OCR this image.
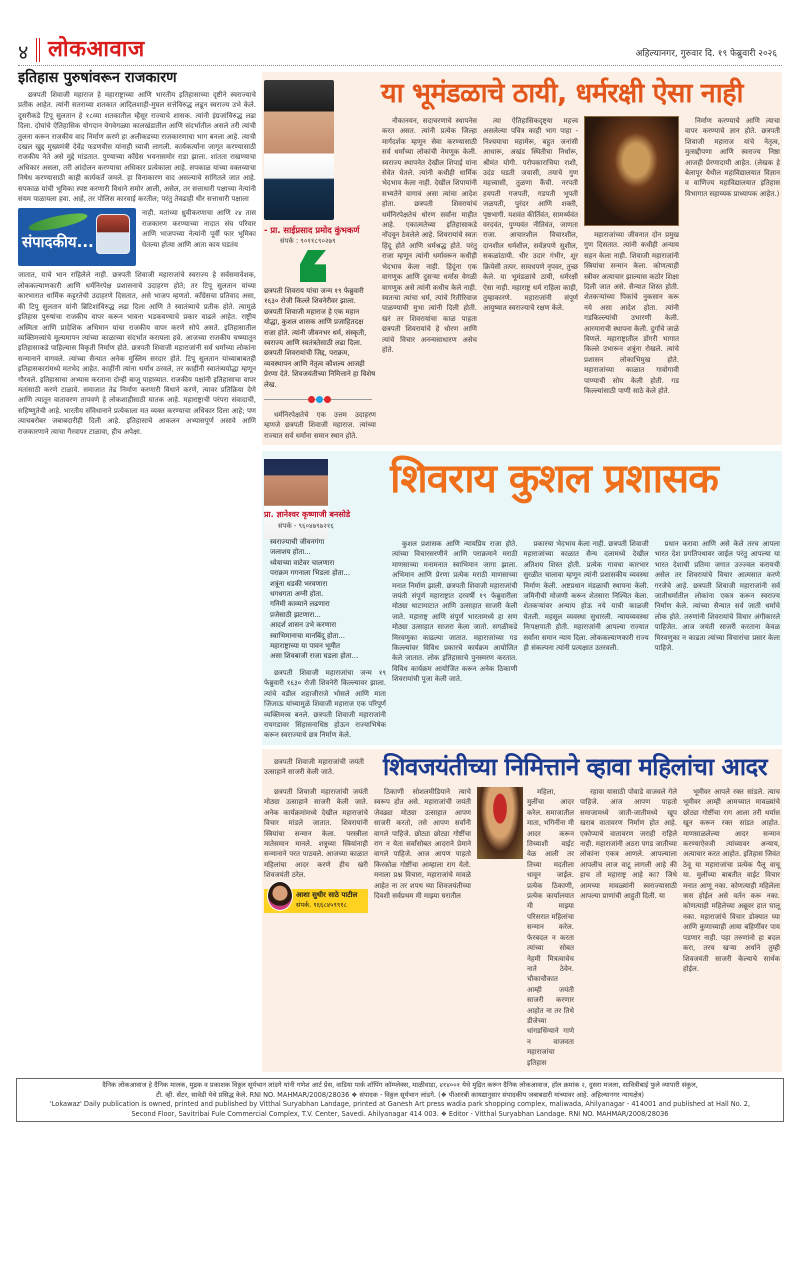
४ लोकआवाज	अहिल्यानगर, गुरुवार दि. १९ फेब्रुवारी २०२६
इतिहास पुरुषांवरून राजकारण

छत्रपती शिवाजी महाराज हे महाराष्ट्राच्या आणि भारतीय इतिहासाच्या दृष्टीने स्वराज्याचे प्रतीक आहेत. त्यांनी सतराव्या शतकात आदिलशाही-मुघल सत्तेविरुद्ध लढून स्वराज्य उभे केले. दुसरीकडे टिपू सुलतान हे १८व्या शतकातील म्हैसूर राज्याचे शासक. त्यांनी इंग्रजांविरुद्ध लढा दिला. दोघांचे ऐतिहासिक योगदान वेगवेगळ्या कालखंडातील आणि संदर्भातील असले तरी त्यांची तुलना करून राजकीय वाद निर्माण करणे हा अलीकडच्या राजकारणाचा भाग बनला आहे. त्याची दखल खुद्द मुख्यमंत्री देवेंद्र फडणवीस यांनाही घ्यावी लागली. कार्यकर्त्यांना जागृत करण्यासाठी राजकीय नेते असे मुद्दे मांडतात. पुण्याच्या काँग्रेस भवनासमोर राडा झाला. शांतता राखण्याचा अधिकार असला, तरी आंदोलन करण्याचा अधिकार प्रत्येकाला आहे. सपकाळ यांच्या वक्तव्याचा निषेध करण्यासाठी काही कार्यकर्ते जमले. हा विनाकारण वाद असल्याचे सांगितले जात आहे. सपकाळ यांची भूमिका स्पष्ट करणारी विधाने समोर आली, असेल, तर सत्ताधारी पक्षाच्या नेत्यांनी संयम पाळायला हवा. आहे, तर पोलिस कारवाई करतील; परंतु तेवढाही धीर सत्ताधारी पक्षाला

संपादकीय...

नाही. मतांच्या ध्रुवीकरणाचा आणि २४ तास राजकारण करण्याच्या नादात संघ परिवार आणि भाजपच्या नेत्यांनी पूर्वी फार भूमिका घेतल्या होत्या आणि आता काय घडतंय

जातात, याचे भान राहिलेले नाही. छत्रपती शिवाजी महाराजांचे स्वराज्य हे सर्वसमावेशक, लोककल्याणकारी आणि धर्मनिरपेक्ष प्रशासनाचे उदाहरण होते; तर टिपू सुलतान यांच्या कारभारात धार्मिक कट्टरतेची उदाहरणे दिसतात, असे भाजप म्हणतो. काँग्रेसचा प्रतिवाद असा, की टिपू सुलतान यांनी ब्रिटिशांविरुद्ध लढा दिला आणि ते स्वातंत्र्याचे प्रतीक होते. त्यामुळे इतिहास पुरुषांचा राजकीय वापर करून भावना भडकवण्याचे प्रकार वाढले आहेत. राष्ट्रीय अस्मिता आणि प्रादेशिक अभिमान यांचा राजकीय वापर करणे सोपे असते. इतिहासातील व्यक्तिमत्त्वांचे मूल्यमापन त्यांच्या काळाच्या संदर्भात करायला हवे. आजच्या राजकीय चष्म्यातून इतिहासाकडे पाहिल्यास विकृती निर्माण होते. छत्रपती शिवाजी महाराजांनी सर्व धर्मांच्या लोकांना सन्मानाने वागवले. त्यांच्या सैन्यात अनेक मुस्लिम सरदार होते. टिपू सुलतान यांच्याबाबतही इतिहासकारांमध्ये मतभेद आहेत. काहींनी त्यांना धर्मांध ठरवले, तर काहींनी स्वातंत्र्ययोद्धा म्हणून गौरवले. इतिहासाचा अभ्यास करताना दोन्ही बाजू पाहाव्यात. राजकीय पक्षांनी इतिहासाचा वापर मतांसाठी करणे टाळावे. समाजात तेढ निर्माण करणारी विधाने करणे, त्यावर प्रतिक्रिया देणे आणि त्यातून वातावरण तापवणे हे लोकशाहीसाठी घातक आहे. महाराष्ट्राची परंपरा संवादाची, सहिष्णुतेची आहे. भारतीय संविधानाने प्रत्येकाला मत व्यक्त करण्याचा अधिकार दिला आहे; पण त्याचबरोबर जबाबदारीही दिली आहे. इतिहासाचे आकलन अभ्यासपूर्ण असावे आणि राजकारणाने त्याचा गैरवापर टाळावा, हीच अपेक्षा.

या भूमंडळाचे ठायी, धर्मरक्षी ऐसा नाही
- प्रा. साईप्रसाद प्रमोद कुंभकर्ण
संपर्क : ९०११८९०२७९
छत्रपती शिवराय यांचा जन्म १९ फेब्रुवारी १६३० रोजी किल्ले शिवनेरीवर झाला. छत्रपती शिवाजी महाराज हे एक महान योद्धा, कुशल शासक आणि प्रजाहितदक्ष राजा होते. त्यांनी जीवनभर धर्म, संस्कृती, स्वराज्य आणि स्वतंत्रतेसाठी लढा दिला. छत्रपती शिवरायांची जिद्द, पराक्रम, व्यवस्थापन आणि नेतृत्व कौशल्य आजही प्रेरणा देते. शिवजयंतीच्या निमित्ताने हा विशेष लेख.

धर्मनिरपेक्षतेचे एक उत्तम उदाहरण म्हणजे छत्रपती शिवाजी महाराज. त्यांच्या राज्यात सर्व धर्मांना समान स्थान होते.

नौकानयन, सदाचरणाचे स्थापनेस करत असत. त्यांनी प्रत्येक जिल्हा मार्गदर्शक म्हणून सेवा करण्यासाठी सर्व धर्मांच्या लोकांची नेमणूक केली. स्वराज्य स्थापनेत देखील शिपाई यांना सेवेत घेतले. त्यांनी कधीही धार्मिक भेदभाव केला नाही. देखील शिपायांनी सभ्यतेने वागावं असा त्यांचा आदेश होता. छत्रपती शिवरायांचं धर्मनिरपेक्षतेचं धोरण सर्वांना माहीत आहे. एकात्मतेच्या इतिहासाकडे नोंदवून ठेवलेले आहे. शिवरायांचे स्वतः हिंदू होते आणि धर्मश्रद्ध होते. परंतु राजा म्हणून त्यांनी धर्मावरून कधीही भेदभाव केला नाही. हिंदूंना एक वागणूक आणि दुसऱ्या धर्मास वेगळी वागणूक असे त्यांनी कधीच केले नाही. स्वतःचा त्यांचा धर्म, त्यांचे रितीरिवाज पाळण्याची मुभा त्यांनी दिली होती. खरं तर शिवरायांचा काळ पाहता छत्रपती शिवरायांचे हे धोरण आणि त्यांचे विचार अनन्यसाधारण असेच होते.

त्या ऐतिहासिकदृष्ट्या महत्त्व असलेल्या पवित्र काही भाग पाहा - निश्चयाचा महामेरू, बहुत जनांसी आधारू, अखंड स्थितीचा निर्धारू, श्रीमंत योगी. परोपकाराचिया राशी, उदंड घडती जयासी, तयाचे गुण महत्त्वासी, तुळणा कैंची. नरपती हयपती गजपती, गडपती भूपती जळपती, पुरंदर आणि शक्ती, पृष्ठभागी. यशवंत कीर्तिवंत, सामर्थ्यवंत वरदवंत, पुण्यवंत नीतिवंत, जाणता राजा. आचारशील विचारशील, दानशील धर्मशील, सर्वज्ञपणे सुशील, सकळांठायी. धीर उदार गंभीर, शूर क्रियेसी तत्पर. सावधपणे नृपवर, तुच्छ केले. या भूमंडळाचे ठायी, धर्मरक्षी ऐसा नाही. महाराष्ट्र धर्म राहिला काही, तुम्हाकारणे. महाराजांनी संपूर्ण आयुष्यात स्वराज्याचे रक्षण केले.

महाराजांच्या जीवनात दोन प्रमुख गुण दिसतात. त्यांनी कधीही अन्याय सहन केला नाही. शिवाजी महाराजांनी स्त्रियांचा सन्मान केला. कोणत्याही स्त्रीवर अत्याचार झाल्यास कठोर शिक्षा दिली जात असे. सैन्यात शिस्त होती. शेतकऱ्यांच्या पिकांचे नुकसान करू नये असा आदेश होता. त्यांनी गडकिल्ल्यांची उभारणी केली. आरमाराची स्थापना केली. दुर्गांचे जाळे विणले. महाराष्ट्रातील डोंगरी भागात किल्ले उभारून शत्रूंना रोखले. त्यांचे प्रशासन लोकाभिमुख होते. महाराजांच्या काळात गावोगावी पाण्याची सोय केली होती. गड किल्ल्यांसाठी पाणी साठे केले होते.

निर्माण करण्याचे आणि त्याचा वापर करण्याचे ज्ञान होते. छत्रपती शिवाजी महाराज यांचे नेतृत्व, मुत्सद्दीपणा आणि स्वराज्य निष्ठा आजही प्रेरणादायी आहेत. (लेखक हे बेलापूर येथील महाविद्यालयात विज्ञान व वाणिज्य महाविद्यालयात इतिहास विभागात सहाय्यक प्राध्यापक आहेत.)

शिवराय कुशल प्रशासक
प्रा. ज्ञानेश्वर कृष्णाजी बनसोडे
संपर्क - ९६०४७९७२१६
स्वराज्याची जीवनगंगा
जलाशय होता...
ध्येयाच्या वाटेवर चालणारा
पराक्रम गगनाला भिडला होता...
शत्रूंना धडकी भरवणारा
धगधगता अग्नी होता.
गनिमी काव्याने लढणारा
प्रजेसाठी झटणारा...
आदर्श शासन उभे करणारा
स्वाभिमानाचा मानबिंदू होता...
महाराष्ट्राच्या या पावन भूमीत
असा शिवबाजी राजा घडला होता...

छत्रपती शिवाजी महाराजांचा जन्म १९ फेब्रुवारी १६३० रोजी शिवनेरी किल्ल्यावर झाला. त्यांचे वडील शहाजीराजे भोसले आणि माता जिजाऊ यांच्यामुळे शिवाजी महाराज एक परिपूर्ण व्यक्तिमत्त्व बनले. छत्रपती शिवाजी महाराजांनी रायगडावर सिंहासनाधिष्ठ होऊन राज्याभिषेक करून स्वराज्याचे छत्र निर्माण केले.

कुशल प्रशासक आणि न्यायप्रिय राजा होते. त्यांच्या विचारसरणीने आणि पराक्रमाने मराठी माणसाच्या मनामनात स्वाभिमान जागा झाला. अभिमान आणि प्रेरणा प्रत्येक मराठी माणसाच्या मनात निर्माण झाली. छत्रपती शिवाजी महाराजांची जयंती संपूर्ण महाराष्ट्रात दरवर्षी १९ फेब्रुवारीला मोठ्या थाटामाटात आणि उत्साहात साजरी केली जाते. महाराष्ट्र आणि संपूर्ण भारतामध्ये हा सण मोठ्या उत्साहात साजरा केला जातो. सगळीकडे मिरवणुका काढल्या जातात. महाराजांच्या गड किल्ल्यांवर विविध प्रकारचे कार्यक्रम आयोजित केले जातात. लोक इतिहासाचे पुनस्मरण करतात. विविध कार्यक्रम आयोजित करून अनेक ठिकाणी शिवरायांची पूजा केली जाते.

प्रकारचा भेदभाव केला नाही. छत्रपती शिवाजी महाराजांच्या काळात सैन्य दलामध्ये देखील अतिशय शिस्त होती. प्रत्येक गावचा कारभार सुरळीत चालावा म्हणून त्यांनी प्रशासकीय व्यवस्था निर्माण केली. अष्टप्रधान मंडळाची स्थापना केली. जमिनीची मोजणी करून शेतसारा निश्चित केला. शेतकऱ्यांवर अन्याय होऊ नये याची काळजी घेतली. महसूल व्यवस्था सुधारली. न्यायव्यवस्था निःपक्षपाती होती. महाराजांनी आपल्या राज्यात सर्वांना समान न्याय दिला. लोककल्याणकारी राज्य ही संकल्पना त्यांनी प्रत्यक्षात उतरवली.

प्रधान करावा आणि असे केले तरच आपला भारत देश प्रगतिपथावर जाईल परंतु आपल्या या भारत देशाची प्रतिमा जगात उज्ज्वल करायची असेल तर शिवरायांचे विचार आत्मसात करणे गरजेचे आहे. छत्रपती शिवाजी महाराजांनी सर्व जातीधर्मातील लोकांना एकत्र करून स्वराज्य निर्माण केले. त्यांच्या सैन्यात सर्व जाती धर्माचे लोक होते. तरुणांनी शिवरायांचे विचार अंगीकारले पाहिजेत. आज जयंती साजरी करताना केवळ मिरवणुका न काढता त्यांच्या विचारांचा प्रसार केला पाहिजे.

छत्रपती शिवाजी महाराजांची जयंती उत्साहाने साजरी केली जाते.	शिवजयंतीच्या निमित्ताने व्हावा महिलांचा आदर

छत्रपती शिवाजी महाराजांची जयंती मोठ्या उत्साहाने साजरी केली जाते. अनेक कार्यक्रमांमध्ये देखील महाराजांचे विचार मांडले जातात. शिवरायांनी स्त्रियांचा सन्मान केला. परस्त्रीला मातेसमान मानले. शत्रूच्या स्त्रियांनाही सन्मानाने परत पाठवले. आजच्या काळात महिलांचा आदर करणे हीच खरी शिवजयंती ठरेल.

आशा सुधीर साठे पाटील
संपर्क. ९६६८४५९९१८

ठिकाणी सोशलमीडियाने त्याचे स्वरूप होत असे. महाराजांची जयंती जेवढ्या मोठ्या उत्साहात आपण साजरी करतो, तसे आपण सर्वांनी वागले पाहिजे. छोट्या छोट्या गोष्टींचा राग न येता सर्वांसोबत आदराने प्रेमाने वागले पाहिजे. आज आपण पाहतो किरकोळ गोष्टींचा आम्हाला राग येतो. मनाला प्रश्न विचारा, महाराजांचे मावळे आहेत ना तर शपथ घ्या शिवजयंतीच्या दिवशी सर्वप्रथम मी माझ्या घरातील

महिला, मुलींचा आदर करेल. समाजातील माता, भगिनींना मी आदर करून तिच्याशी वाईट वेळ आली तर तिच्या मदतीला धावून जाईल. प्रत्येक ठिकाणी, प्रत्येक कार्यालयात मी माझ्या परिसरात महिलांचा सन्मान करेल. फेरबदल न करता त्यांच्या सोबत नेहमी मित्रत्वाचेच नाते ठेवेन. चौकाचौकात आम्ही जयंती साजरी करणार आहोत ना तर तिथे डीजेच्या धांगडधिंग्याने गाणे न वाजवता महाराजांचा इतिहास

रहावा यासाठी पोवाडे वाजवले गेले पाहिजे. आज आपण पाहतो समाजामध्ये जाती-जातीमध्ये खूप खराब वातावरण निर्माण होत आहे. एकोप्याचे वातावरण जराही राहिले नाही. महाराजांनी अठरा पगड जातीच्या लोकांना एकत्र आणले. आपल्याला आपलीच लाज वाटू लागली आहे की हाच तो महाराष्ट्र आहे का? जिथे आमच्या मावळ्यांनी स्वराज्यासाठी आपल्या प्राणांची आहुती दिली. या

भूमीवर आपले रक्त सांडले. त्याच भूमीवर आम्ही आमच्यात मावळ्यांचे छोट्या गोष्टींचा राग आला तरी थर्यास खून करून रक्त सांडत आहोत. माणसाळलेल्या आदर सन्मान करण्याऐवजी त्यांच्यावर अन्याय, अत्याचार करत आहोत. इतिहास जिवंत ठेवू या महाराजांचा प्रत्येक पैलू वाचू या. मुलींच्या बाबतीत वाईट विचार मनात आणू नका. कोणत्याही महिलेला त्रास होईल असे वर्तन करू नका. कोणत्याही महिलेच्या अब्रूवर हात घालू नका. महाराजांचे विचार डोक्यात घ्या आणि कुणाच्याही आया बहिणींवर पाय पडणार नाही. पहा तरुणांनो हा बदल करा, तरच खऱ्या अर्थाने तुम्ही शिवजयंती साजरी केल्याचे सार्थक होईल.

दैनिक लोकआवाज हे दैनिक मालक, मुद्रक व प्रकाशक विठ्ठल सूर्यभान लांडगे यांनी गणेश आर्ट प्रेस, वाडिया पार्क शॉपिंग कॉम्प्लेक्स, माळीवाडा, ४१४००१ येथे मुद्रित करून दैनिक लोकआवाज, हॉल क्रमांक २, दुसरा मजला, सावित्रीबाई फुले व्यापारी संकुल,
टी. व्ही. सेंटर, सावेडी येथे प्रसिद्ध केले. RNI NO. MAHMAR/2008/28036 ❖ संपादक - विठ्ठल सूर्यभान लांडगे. (❖ पीआरबी कायद्यानुसार संपादकीय जबाबदारी यांच्यावर आहे. अहिल्यानगर न्यायक्षेत्र)
'Lokawaz' Daily publication is owned, printed and published by Vitthal Suryabhan Landage, printed at Ganesh Art press wadia park shopping complex, maliwada, Ahilyanagar - 414001 and published at Hall No. 2,
Second Floor, Savitribai Fule Commercial Complex, T.V. Center, Savedi. Ahilyanagar 414 003. ❖ Editor - Vitthal Suryabhan Landage. RNI NO. MAHMAR/2008/28036
